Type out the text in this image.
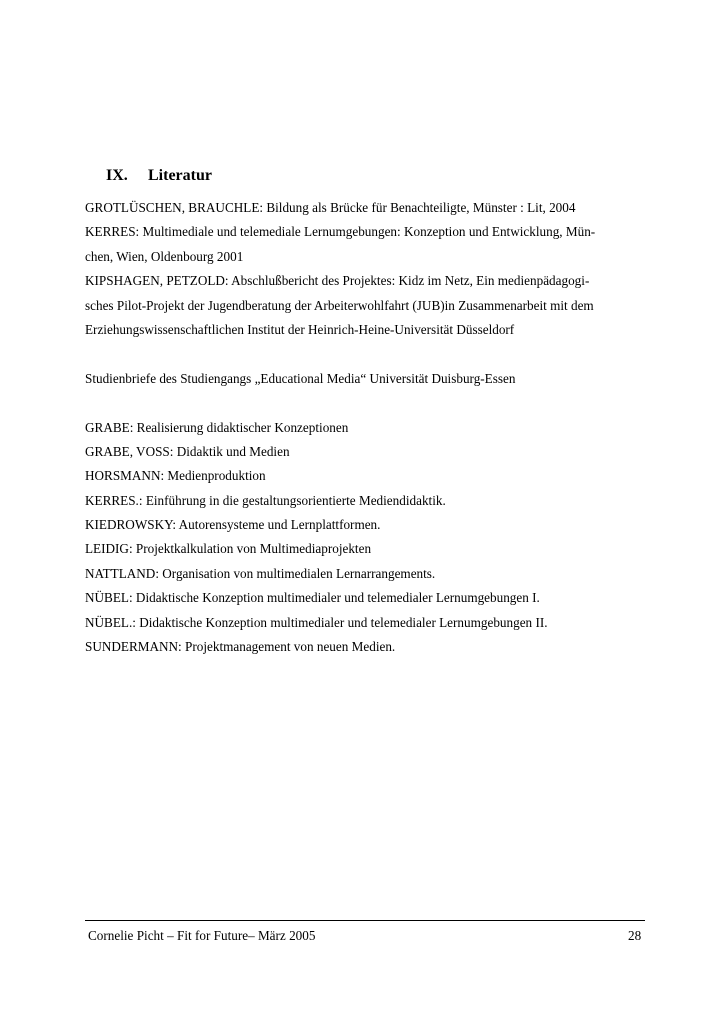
IX. Literatur
GROTLÜSCHEN, BRAUCHLE: Bildung als Brücke für Benachteiligte, Münster : Lit, 2004
KERRES: Multimediale und telemediale Lernumgebungen: Konzeption und Entwicklung, Mün-
chen, Wien, Oldenbourg 2001
KIPSHAGEN, PETZOLD: Abschlußbericht des Projektes: Kidz im Netz, Ein medienpädagogi-
sches Pilot-Projekt der Jugendberatung der Arbeiterwohlfahrt (JUB)in Zusammenarbeit mit dem
Erziehungswissenschaftlichen Institut der Heinrich-Heine-Universität Düsseldorf
Studienbriefe des Studiengangs „Educational Media“ Universität Duisburg-Essen
GRABE: Realisierung didaktischer Konzeptionen
GRABE, VOSS: Didaktik und Medien
HORSMANN: Medienproduktion
KERRES.: Einführung in die gestaltungsorientierte Mediendidaktik.
KIEDROWSKY: Autorensysteme und Lernplattformen.
LEIDIG: Projektkalkulation von Multimediaprojekten
NATTLAND: Organisation von multimedialen Lernarrangements.
NÜBEL: Didaktische Konzeption multimedialer und telemedialer Lernumgebungen I.
NÜBEL.: Didaktische Konzeption multimedialer und telemedialer Lernumgebungen II.
SUNDERMANN: Projektmanagement von neuen Medien.
Cornelie Picht – Fit for Future– März 2005	28
